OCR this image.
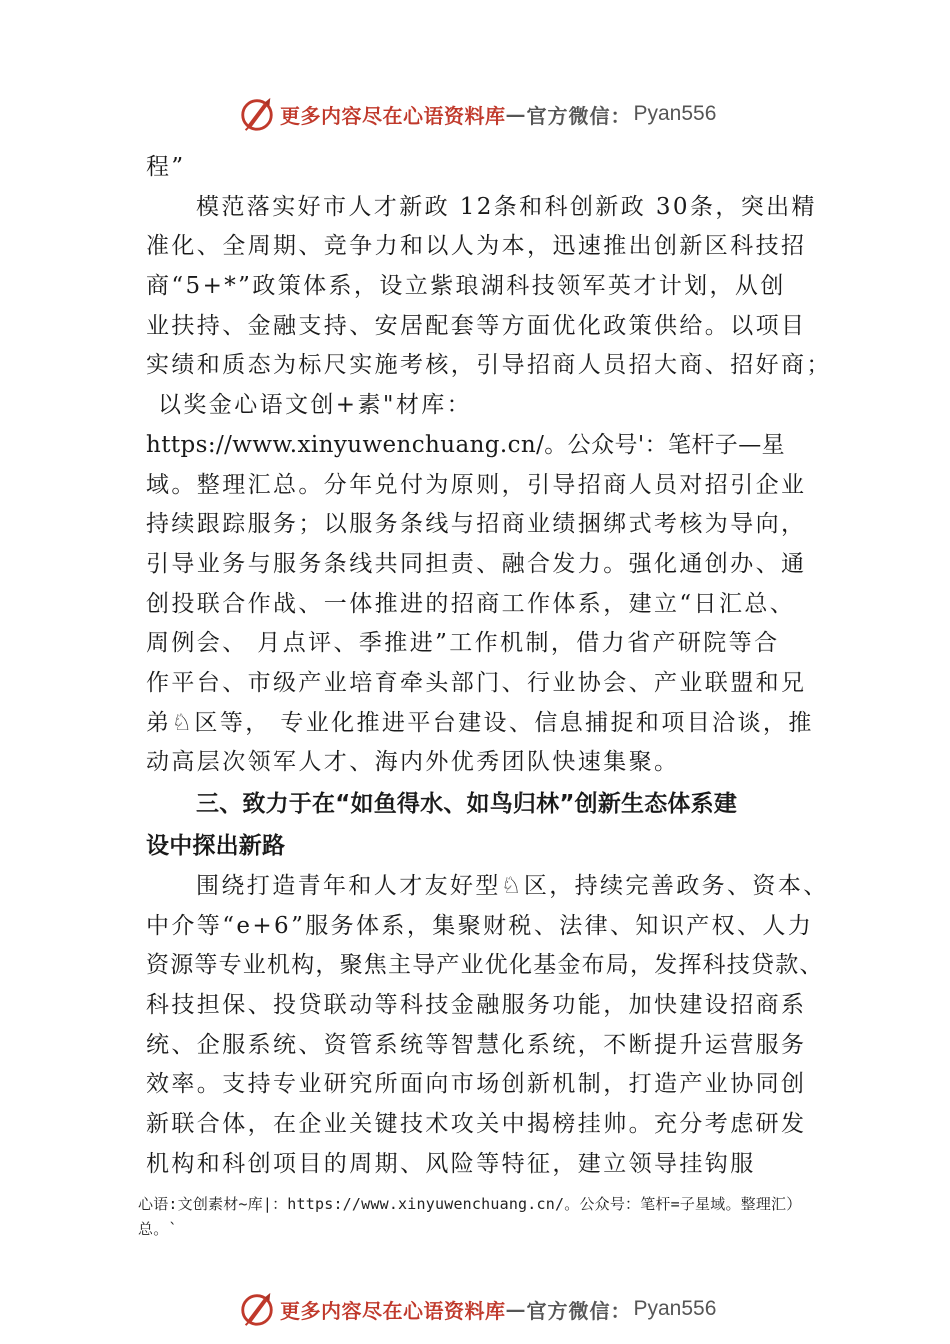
更多内容尽在心语资料库 — 官方微信： Pyan556
程”
模范落实好市人才新政 12条和科创新政 30条，突出精
准化、全周期、竞争力和以人为本，迅速推出创新区科技招
商“5+*”政策体系，设立紫琅湖科技领军英才计划，从创
业扶持、金融支持、安居配套等方面优化政策供给。以项目
实绩和质态为标尺实施考核，引导招商人员招大商、招好商；
以奖金心语文创+素"材库：
https://www.xinyuwenchuang.cn/。公众号'：笔杆子—星
域。整理汇总。分年兑付为原则，引导招商人员对招引企业
持续跟踪服务；以服务条线与招商业绩捆绑式考核为导向，
引导业务与服务条线共同担责、融合发力。强化通创办、通
创投联合作战、一体推进的招商工作体系，建立“日汇总、
周例会、 月点评、季推进”工作机制，借力省产研院等合
作平台、市级产业培育牵头部门、行业协会、产业联盟和兄
弟♘区等， 专业化推进平台建设、信息捕捉和项目洽谈，推
动高层次领军人才、海内外优秀团队快速集聚。
三、致力于在“如鱼得水、如鸟归林”创新生态体系建
设中探出新路
围绕打造青年和人才友好型♘区，持续完善政务、资本、
中介等“e+6”服务体系，集聚财税、法律、知识产权、人力
资源等专业机构，聚焦主导产业优化基金布局，发挥科技贷款、
科技担保、投贷联动等科技金融服务功能，加快建设招商系
统、企服系统、资管系统等智慧化系统，不断提升运营服务
效率。支持专业研究所面向市场创新机制，打造产业协同创
新联合体，在企业关键技术攻关中揭榜挂帅。充分考虑研发
机构和科创项目的周期、风险等特征，建立领导挂钩服
心语:文创素材~库|：https://www.xinyuwenchuang.cn/。公众号：笔杆=子星域。整理汇）
总。`
更多内容尽在心语资料库 — 官方微信： Pyan556
